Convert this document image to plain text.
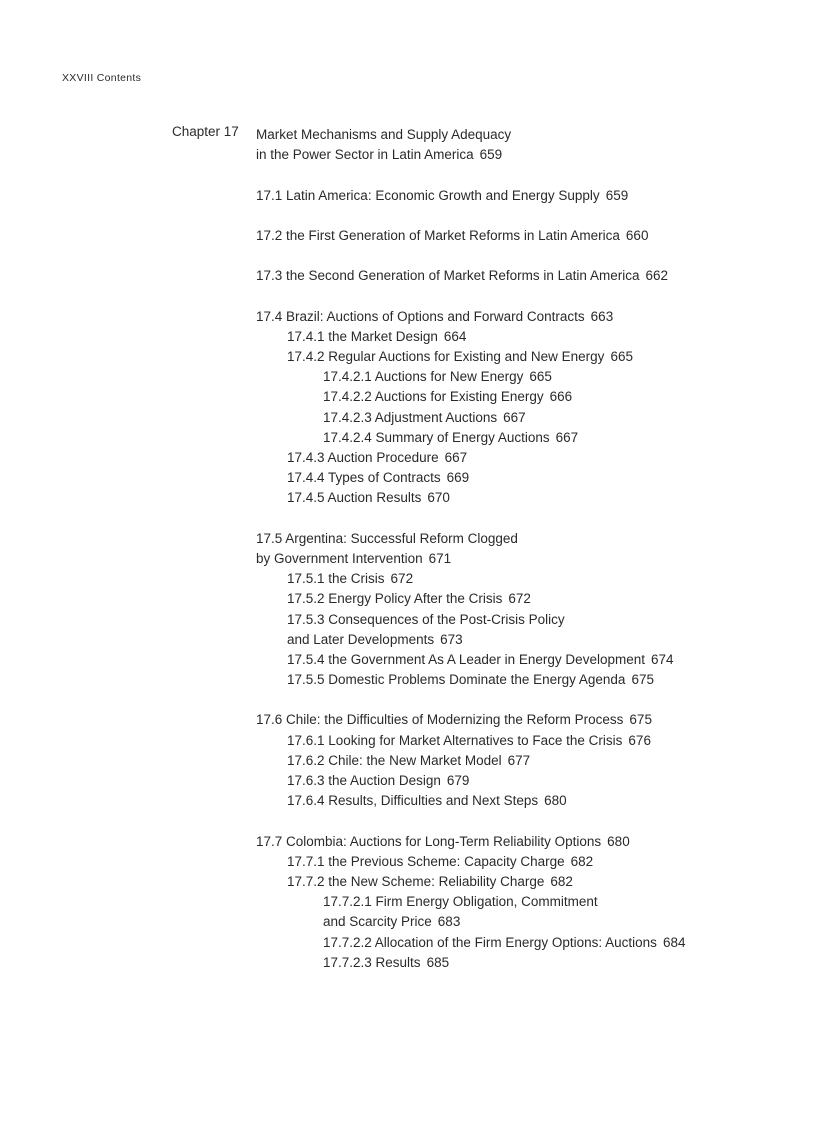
XXVIII Contents
Chapter 17 Market Mechanisms and Supply Adequacy
in the Power Sector in Latin America 659
17.1 Latin America: Economic Growth and Energy Supply 659
17.2 the First Generation of Market Reforms in Latin America 660
17.3 the Second Generation of Market Reforms in Latin America 662
17.4 Brazil: Auctions of Options and Forward Contracts 663
17.4.1 the Market Design 664
17.4.2 Regular Auctions for Existing and New Energy 665
17.4.2.1 Auctions for New Energy 665
17.4.2.2 Auctions for Existing Energy 666
17.4.2.3 Adjustment Auctions 667
17.4.2.4 Summary of Energy Auctions 667
17.4.3 Auction Procedure 667
17.4.4 Types of Contracts 669
17.4.5 Auction Results 670
17.5 Argentina: Successful Reform Clogged
by Government Intervention 671
17.5.1 the Crisis 672
17.5.2 Energy Policy After the Crisis 672
17.5.3 Consequences of the Post-Crisis Policy
and Later Developments 673
17.5.4 the Government As A Leader in Energy Development 674
17.5.5 Domestic Problems Dominate the Energy Agenda 675
17.6 Chile: the Difficulties of Modernizing the Reform Process 675
17.6.1 Looking for Market Alternatives to Face the Crisis 676
17.6.2 Chile: the New Market Model 677
17.6.3 the Auction Design 679
17.6.4 Results, Difficulties and Next Steps 680
17.7 Colombia: Auctions for Long-Term Reliability Options 680
17.7.1 the Previous Scheme: Capacity Charge 682
17.7.2 the New Scheme: Reliability Charge 682
17.7.2.1 Firm Energy Obligation, Commitment
and Scarcity Price 683
17.7.2.2 Allocation of the Firm Energy Options: Auctions 684
17.7.2.3 Results 685
